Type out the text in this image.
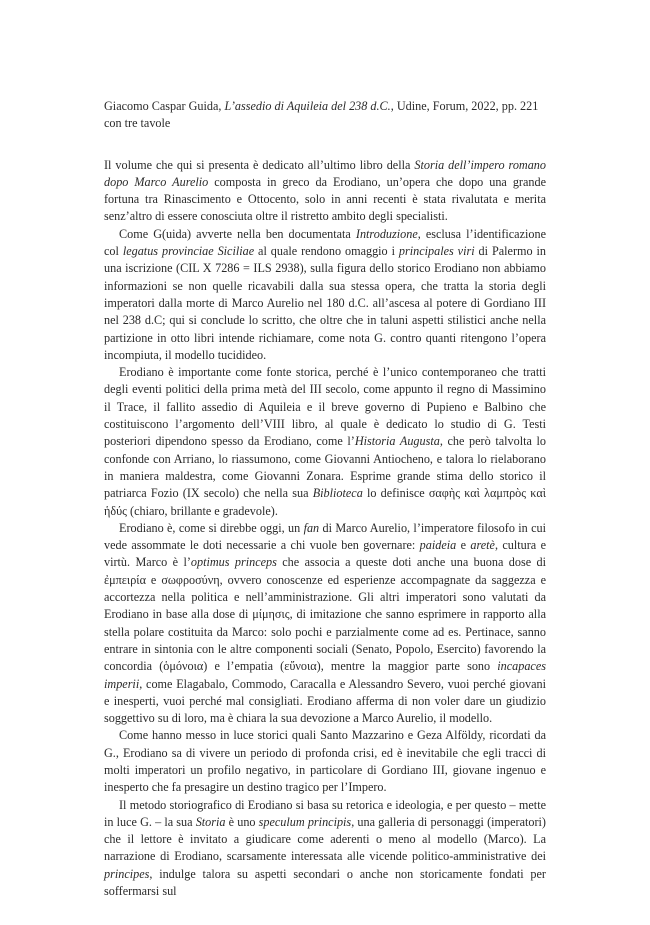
Giacomo Caspar Guida, L’assedio di Aquileia del 238 d.C., Udine, Forum, 2022, pp. 221 con tre tavole

Il volume che qui si presenta è dedicato all’ultimo libro della Storia dell’impero romano dopo Marco Aurelio composta in greco da Erodiano, un’opera che dopo una grande fortuna tra Rinascimento e Ottocento, solo in anni recenti è stata rivalutata e merita senz’altro di essere conosciuta oltre il ristretto ambito degli specialisti.

Come G(uida) avverte nella ben documentata Introduzione, esclusa l’identificazione col legatus provinciae Siciliae al quale rendono omaggio i principales viri di Palermo in una iscrizione (CIL X 7286 = ILS 2938), sulla figura dello storico Erodiano non abbiamo informazioni se non quelle ricavabili dalla sua stessa opera, che tratta la storia degli imperatori dalla morte di Marco Aurelio nel 180 d.C. all’ascesa al potere di Gordiano III nel 238 d.C; qui si conclude lo scritto, che oltre che in taluni aspetti stilistici anche nella partizione in otto libri intende richiamare, come nota G. contro quanti ritengono l’opera incompiuta, il modello tucidideo.

Erodiano è importante come fonte storica, perché è l’unico contemporaneo che tratti degli eventi politici della prima metà del III secolo, come appunto il regno di Massimino il Trace, il fallito assedio di Aquileia e il breve governo di Pupieno e Balbino che costituiscono l’argomento dell’VIII libro, al quale è dedicato lo studio di G. Testi posteriori dipendono spesso da Erodiano, come l’Historia Augusta, che però talvolta lo confonde con Arriano, lo riassumono, come Giovanni Antiocheno, e talora lo rielaborano in maniera maldestra, come Giovanni Zonara. Esprime grande stima dello storico il patriarca Fozio (IX secolo) che nella sua Biblioteca lo definisce σαφὴς καὶ λαμπρὸς καὶ ἡδύς (chiaro, brillante e gradevole).

Erodiano è, come si direbbe oggi, un fan di Marco Aurelio, l’imperatore filosofo in cui vede assommate le doti necessarie a chi vuole ben governare: paideia e aretè, cultura e virtù. Marco è l’optimus princeps che associa a queste doti anche una buona dose di ἐμπειρία e σωφροσύνη, ovvero conoscenze ed esperienze accompagnate da saggezza e accortezza nella politica e nell’amministrazione. Gli altri imperatori sono valutati da Erodiano in base alla dose di μίμησις, di imitazione che sanno esprimere in rapporto alla stella polare costituita da Marco: solo pochi e parzialmente come ad es. Pertinace, sanno entrare in sintonia con le altre componenti sociali (Senato, Popolo, Esercito) favorendo la concordia (ὁμόνοια) e l’empatia (εὔνοια), mentre la maggior parte sono incapaces imperii, come Elagabalo, Commodo, Caracalla e Alessandro Severo, vuoi perché giovani e inesperti, vuoi perché mal consigliati. Erodiano afferma di non voler dare un giudizio soggettivo su di loro, ma è chiara la sua devozione a Marco Aurelio, il modello.

Come hanno messo in luce storici quali Santo Mazzarino e Geza Alföldy, ricordati da G., Erodiano sa di vivere un periodo di profonda crisi, ed è inevitabile che egli tracci di molti imperatori un profilo negativo, in particolare di Gordiano III, giovane ingenuo e inesperto che fa presagire un destino tragico per l’Impero.

Il metodo storiografico di Erodiano si basa su retorica e ideologia, e per questo – mette in luce G. – la sua Storia è uno speculum principis, una galleria di personaggi (imperatori) che il lettore è invitato a giudicare come aderenti o meno al modello (Marco). La narrazione di Erodiano, scarsamente interessata alle vicende politico-amministrative dei principes, indulge talora su aspetti secondari o anche non storicamente fondati per soffermarsi sul
